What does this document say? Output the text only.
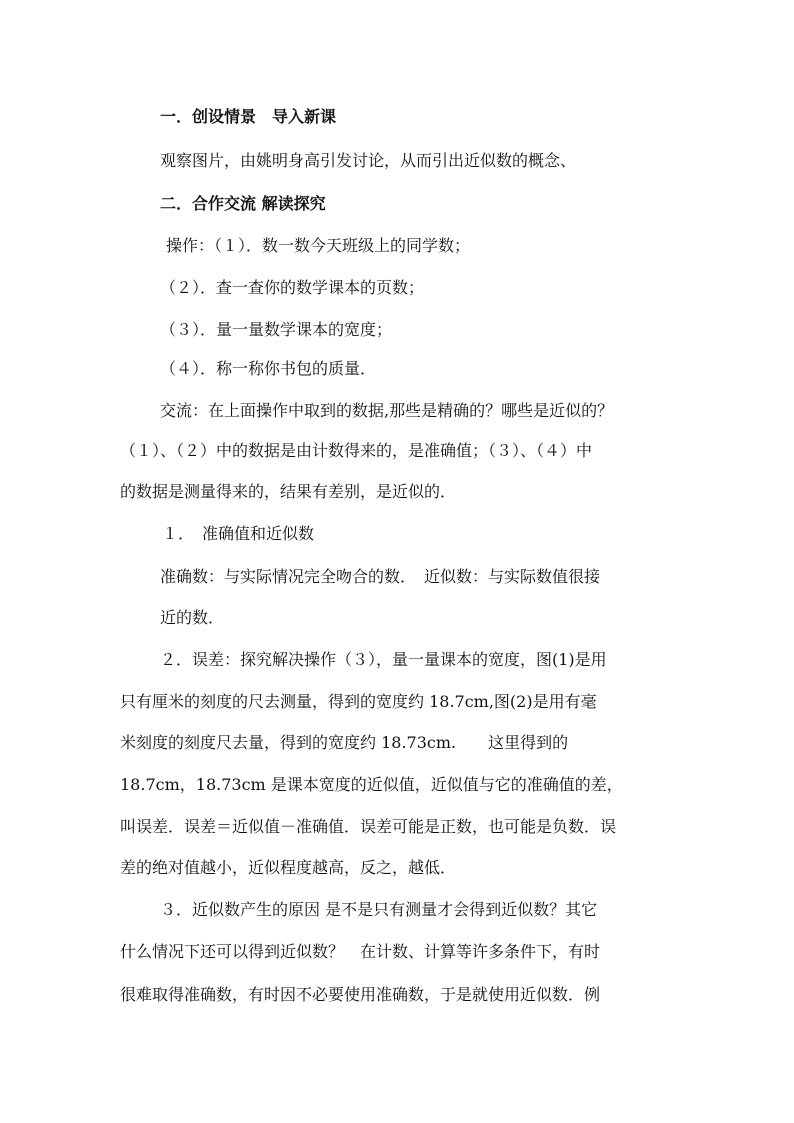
一．创设情景　导入新课
观察图片，由姚明身高引发讨论，从而引出近似数的概念、
二．合作交流 解读探究
操作：（１）．数一数今天班级上的同学数；
（２）．查一查你的数学课本的页数；
（３）．量一量数学课本的宽度；
（４）．称一称你书包的质量．
交流：在上面操作中取到的数据,那些是精确的？哪些是近似的？
（１）、（２）中的数据是由计数得来的，是准确值；（３）、（４）中
的数据是测量得来的，结果有差别，是近似的．
１．　准确值和近似数
准确数：与实际情况完全吻合的数．　近似数：与实际数值很接
近的数．
２．误差：探究解决操作（３），量一量课本的宽度，图(1)是用
只有厘米的刻度的尺去测量，得到的宽度约 18.7cm,图(2)是用有毫
米刻度的刻度尺去量，得到的宽度约 18.73cm.　　这里得到的
18.7cm，18.73cm 是课本宽度的近似值，近似值与它的准确值的差，
叫误差．误差＝近似值－准确值．误差可能是正数，也可能是负数．误
差的绝对值越小，近似程度越高，反之，越低．
３．近似数产生的原因 是不是只有测量才会得到近似数？其它
什么情况下还可以得到近似数？　在计数、计算等许多条件下，有时
很难取得准确数，有时因不必要使用准确数，于是就使用近似数．例
